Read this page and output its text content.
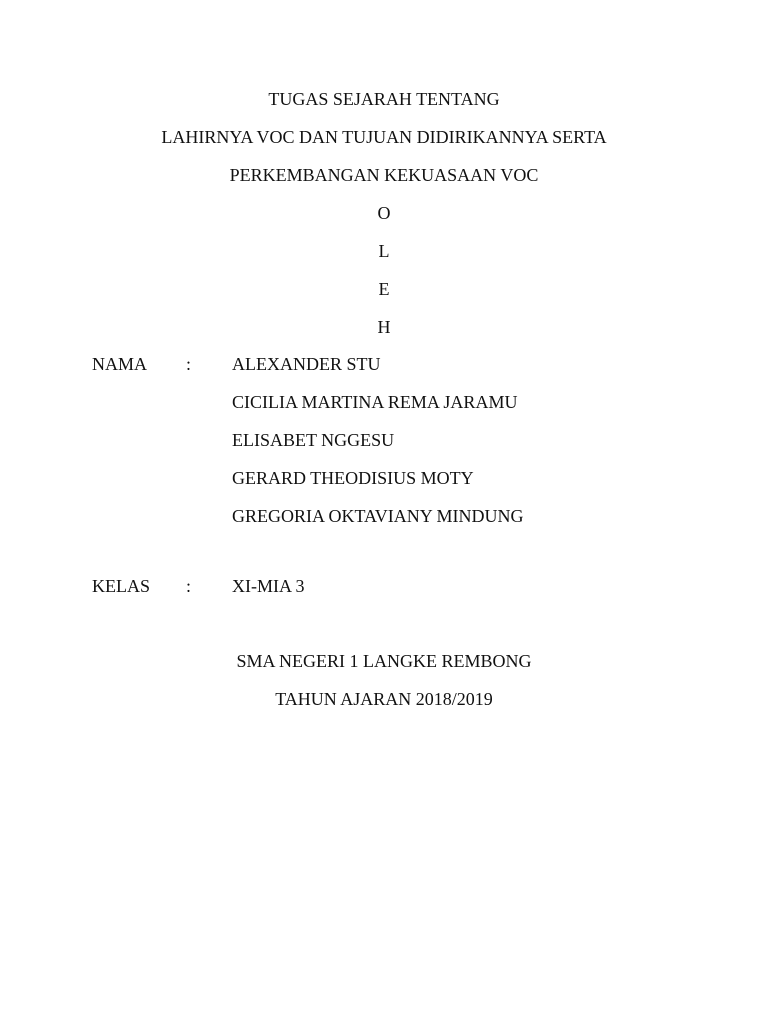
TUGAS SEJARAH TENTANG
LAHIRNYA VOC DAN TUJUAN DIDIRIKANNYA SERTA
PERKEMBANGAN KEKUASAAN VOC
O
L
E
H
NAMA : ALEXANDER STU
CICILIA MARTINA REMA JARAMU
ELISABET NGGESU
GERARD THEODISIUS MOTY
GREGORIA OKTAVIANY MINDUNG
KELAS : XI-MIA 3
SMA NEGERI 1 LANGKE REMBONG
TAHUN AJARAN 2018/2019
